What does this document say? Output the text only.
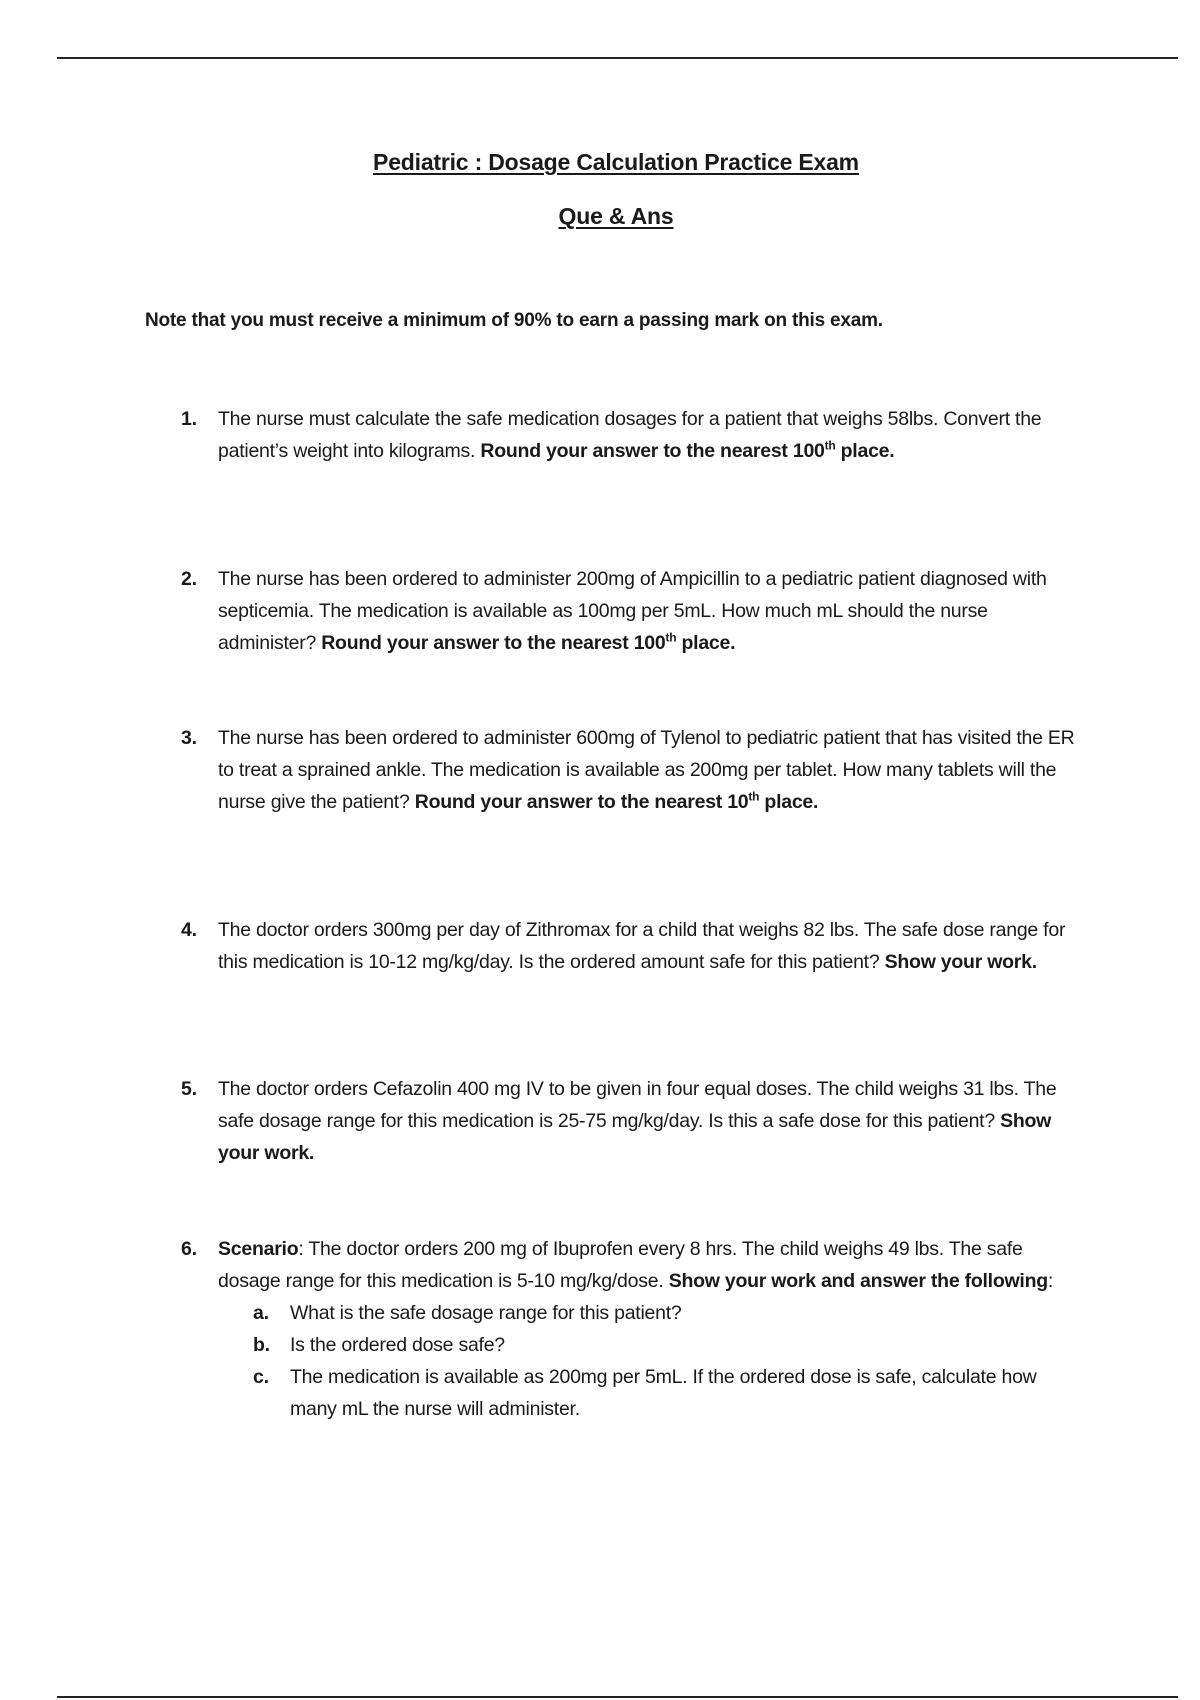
Pediatric : Dosage Calculation Practice Exam
Que & Ans
Note that you must receive a minimum of 90% to earn a passing mark on this exam.
1.	The nurse must calculate the safe medication dosages for a patient that weighs 58lbs. Convert the patient’s weight into kilograms. Round your answer to the nearest 100th place.
2.	The nurse has been ordered to administer 200mg of Ampicillin to a pediatric patient diagnosed with septicemia. The medication is available as 100mg per 5mL. How much mL should the nurse administer? Round your answer to the nearest 100th place.
3.	The nurse has been ordered to administer 600mg of Tylenol to pediatric patient that has visited the ER to treat a sprained ankle. The medication is available as 200mg per tablet. How many tablets will the nurse give the patient? Round your answer to the nearest 10th place.
4.	The doctor orders 300mg per day of Zithromax for a child that weighs 82 lbs. The safe dose range for this medication is 10-12 mg/kg/day. Is the ordered amount safe for this patient? Show your work.
5.	The doctor orders Cefazolin 400 mg IV to be given in four equal doses. The child weighs 31 lbs. The safe dosage range for this medication is 25-75 mg/kg/day. Is this a safe dose for this patient? Show your work.
6.	Scenario: The doctor orders 200 mg of Ibuprofen every 8 hrs. The child weighs 49 lbs. The safe dosage range for this medication is 5-10 mg/kg/dose. Show your work and answer the following:
a. What is the safe dosage range for this patient?
b. Is the ordered dose safe?
c. The medication is available as 200mg per 5mL. If the ordered dose is safe, calculate how many mL the nurse will administer.
